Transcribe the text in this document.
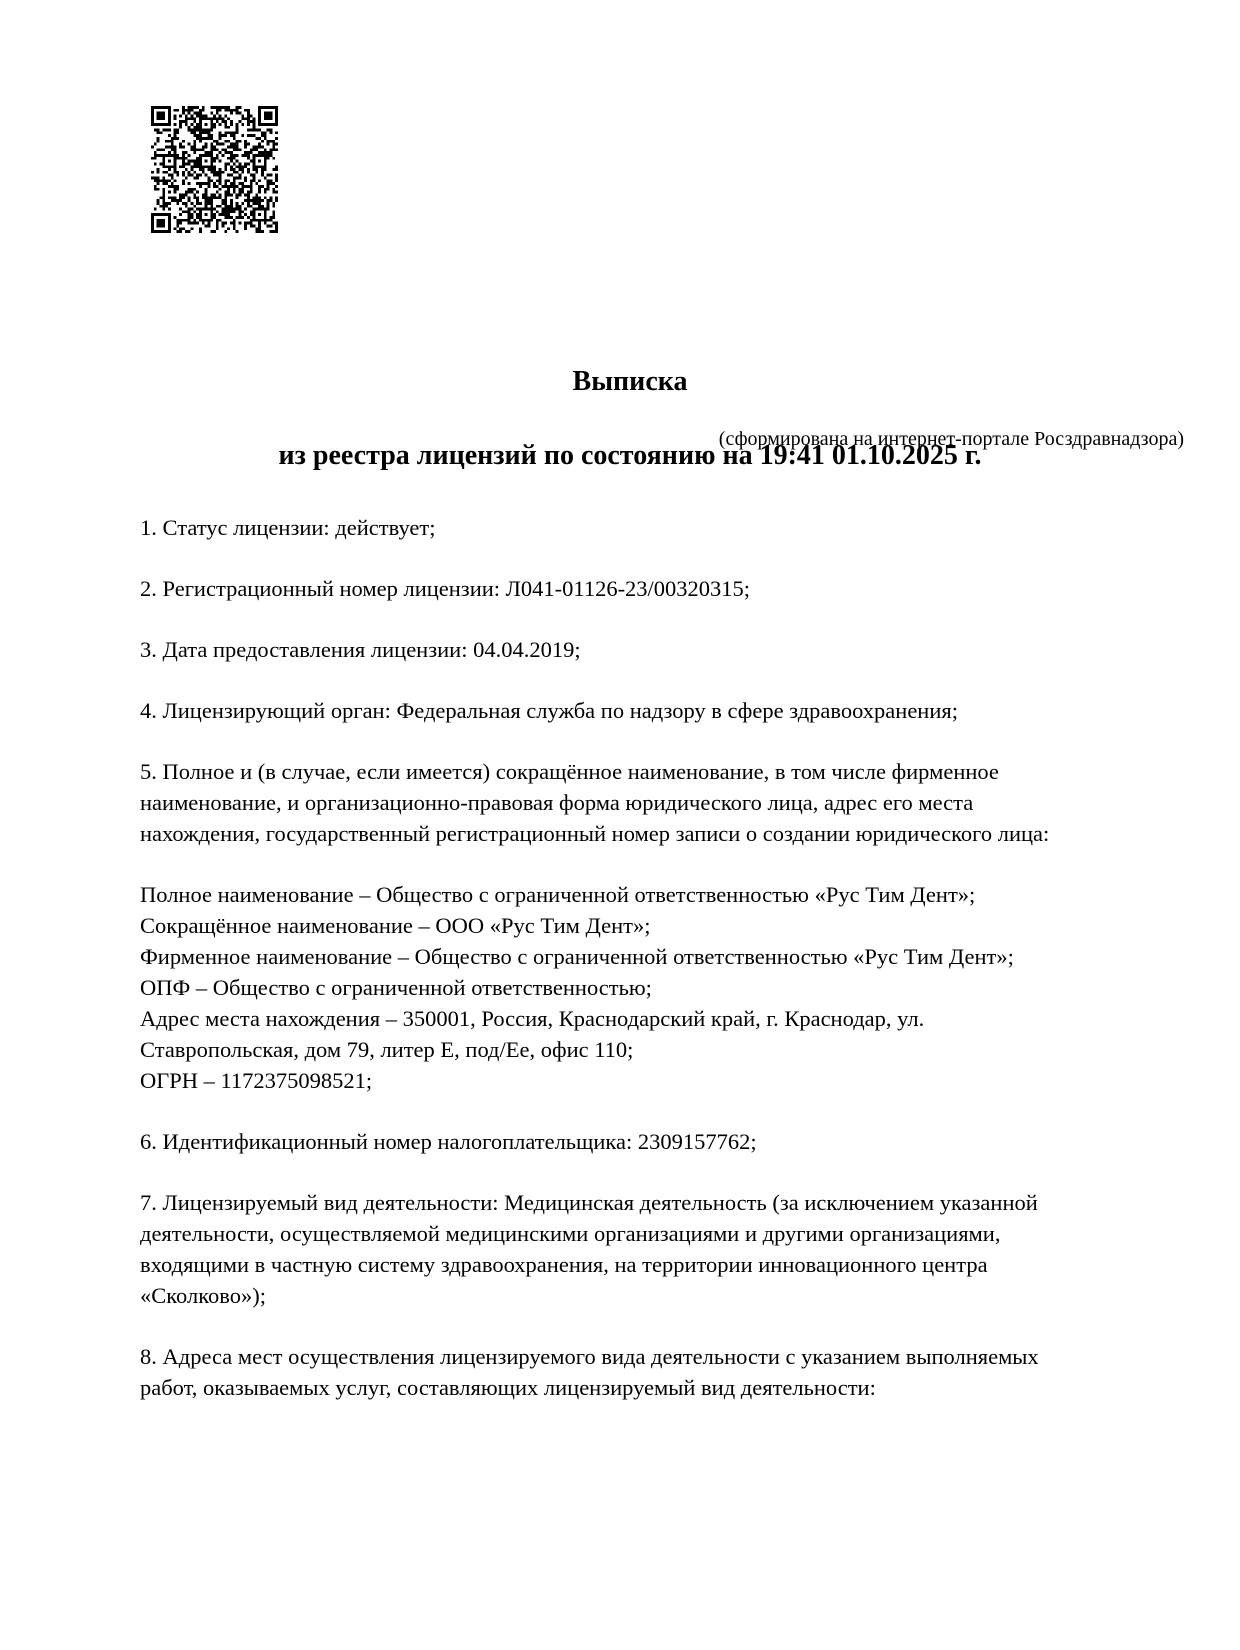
Выписка

из реестра лицензий по состоянию на 19:41 01.10.2025 г.

(сформирована на интернет-портале Росздравнадзора)

1. Статус лицензии: действует;

2. Регистрационный номер лицензии: Л041-01126-23/00320315;

3. Дата предоставления лицензии: 04.04.2019;

4. Лицензирующий орган: Федеральная служба по надзору в сфере здравоохранения;

5. Полное и (в случае, если имеется) сокращённое наименование, в том числе фирменное
наименование, и организационно-правовая форма юридического лица, адрес его места
нахождения, государственный регистрационный номер записи о создании юридического лица:

Полное наименование – Общество с ограниченной ответственностью «Рус Тим Дент»;
Сокращённое наименование – ООО «Рус Тим Дент»;
Фирменное наименование – Общество с ограниченной ответственностью «Рус Тим Дент»;
ОПФ – Общество с ограниченной ответственностью;
Адрес места нахождения – 350001, Россия, Краснодарский край, г. Краснодар, ул.
Ставропольская, дом 79, литер Е, под/Ее, офис 110;
ОГРН – 1172375098521;

6. Идентификационный номер налогоплательщика: 2309157762;

7. Лицензируемый вид деятельности: Медицинская деятельность (за исключением указанной
деятельности, осуществляемой медицинскими организациями и другими организациями,
входящими в частную систему здравоохранения, на территории инновационного центра
«Сколково»);

8. Адреса мест осуществления лицензируемого вида деятельности с указанием выполняемых
работ, оказываемых услуг, составляющих лицензируемый вид деятельности:
